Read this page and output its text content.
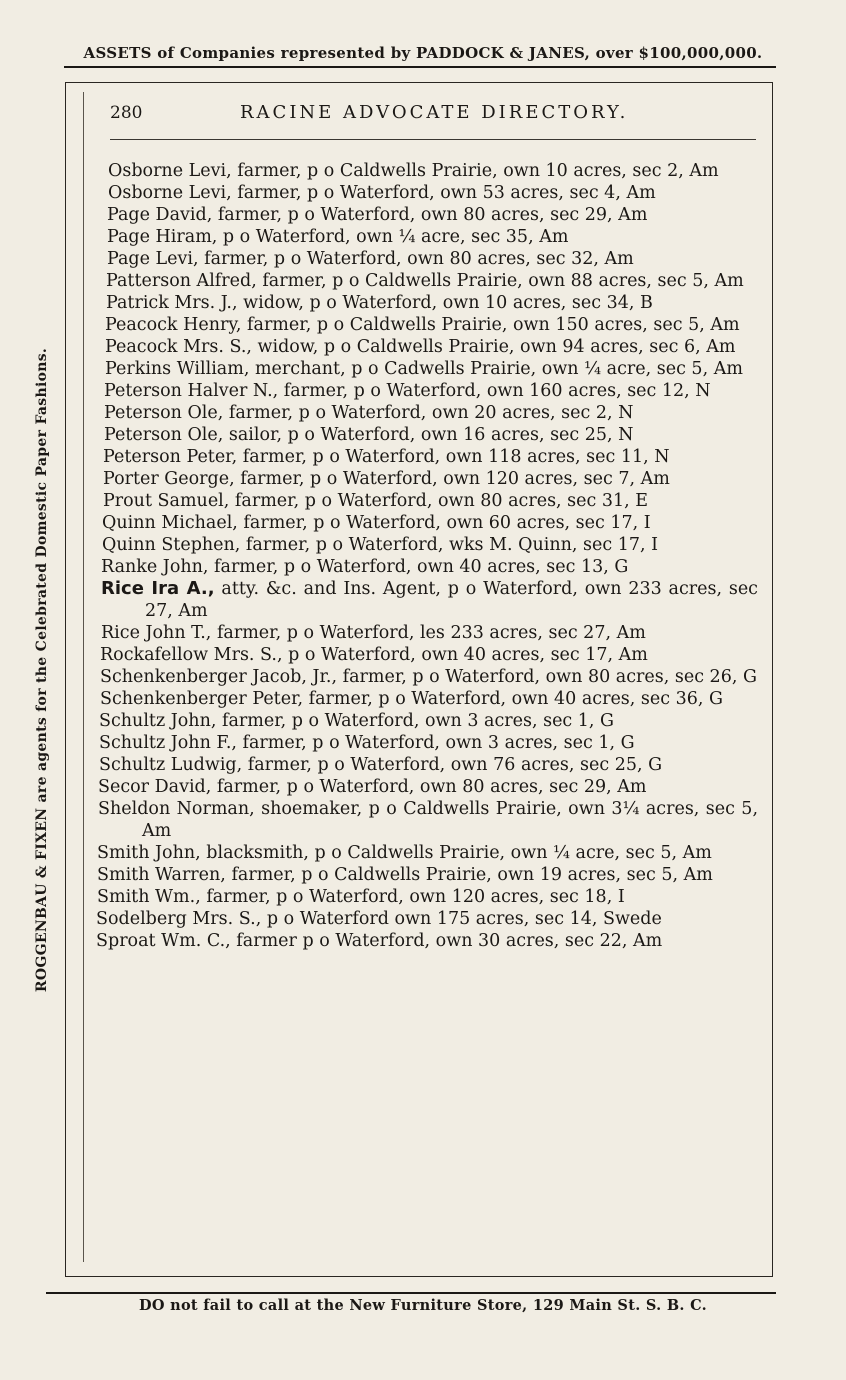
ASSETS of Companies represented by PADDOCK & JANES, over $100,000,000.
ROGGENBAU & FIXEN are agents for the Celebrated Domestic Paper Fashions.
280	RACINE ADVOCATE DIRECTORY.
Osborne Levi, farmer, p o Caldwells Prairie, own 10 acres, sec 2, Am
Osborne Levi, farmer, p o Waterford, own 53 acres, sec 4, Am
Page David, farmer, p o Waterford, own 80 acres, sec 29, Am
Page Hiram, p o Waterford, own ¼ acre, sec 35, Am
Page Levi, farmer, p o Waterford, own 80 acres, sec 32, Am
Patterson Alfred, farmer, p o Caldwells Prairie, own 88 acres, sec 5, Am
Patrick Mrs. J., widow, p o Waterford, own 10 acres, sec 34, B
Peacock Henry, farmer, p o Caldwells Prairie, own 150 acres, sec 5, Am
Peacock Mrs. S., widow, p o Caldwells Prairie, own 94 acres, sec 6, Am
Perkins William, merchant, p o Cadwells Prairie, own ¼ acre, sec 5, Am
Peterson Halver N., farmer, p o Waterford, own 160 acres, sec 12, N
Peterson Ole, farmer, p o Waterford, own 20 acres, sec 2, N
Peterson Ole, sailor, p o Waterford, own 16 acres, sec 25, N
Peterson Peter, farmer, p o Waterford, own 118 acres, sec 11, N
Porter George, farmer, p o Waterford, own 120 acres, sec 7, Am
Prout Samuel, farmer, p o Waterford, own 80 acres, sec 31, E
Quinn Michael, farmer, p o Waterford, own 60 acres, sec 17, I
Quinn Stephen, farmer, p o Waterford, wks M. Quinn, sec 17, I
Ranke John, farmer, p o Waterford, own 40 acres, sec 13, G
Rice Ira A., atty. &c. and Ins. Agent, p o Waterford, own 233 acres, sec 27, Am
Rice John T., farmer, p o Waterford, les 233 acres, sec 27, Am
Rockafellow Mrs. S., p o Waterford, own 40 acres, sec 17, Am
Schenkenberger Jacob, Jr., farmer, p o Waterford, own 80 acres, sec 26, G
Schenkenberger Peter, farmer, p o Waterford, own 40 acres, sec 36, G
Schultz John, farmer, p o Waterford, own 3 acres, sec 1, G
Schultz John F., farmer, p o Waterford, own 3 acres, sec 1, G
Schultz Ludwig, farmer, p o Waterford, own 76 acres, sec 25, G
Secor David, farmer, p o Waterford, own 80 acres, sec 29, Am
Sheldon Norman, shoemaker, p o Caldwells Prairie, own 3¼ acres, sec 5, Am
Smith John, blacksmith, p o Caldwells Prairie, own ¼ acre, sec 5, Am
Smith Warren, farmer, p o Caldwells Prairie, own 19 acres, sec 5, Am
Smith Wm., farmer, p o Waterford, own 120 acres, sec 18, I
Sodelberg Mrs. S., p o Waterford own 175 acres, sec 14, Swede
Sproat Wm. C., farmer p o Waterford, own 30 acres, sec 22, Am
DO not fail to call at the New Furniture Store, 129 Main St. S. B. C.
